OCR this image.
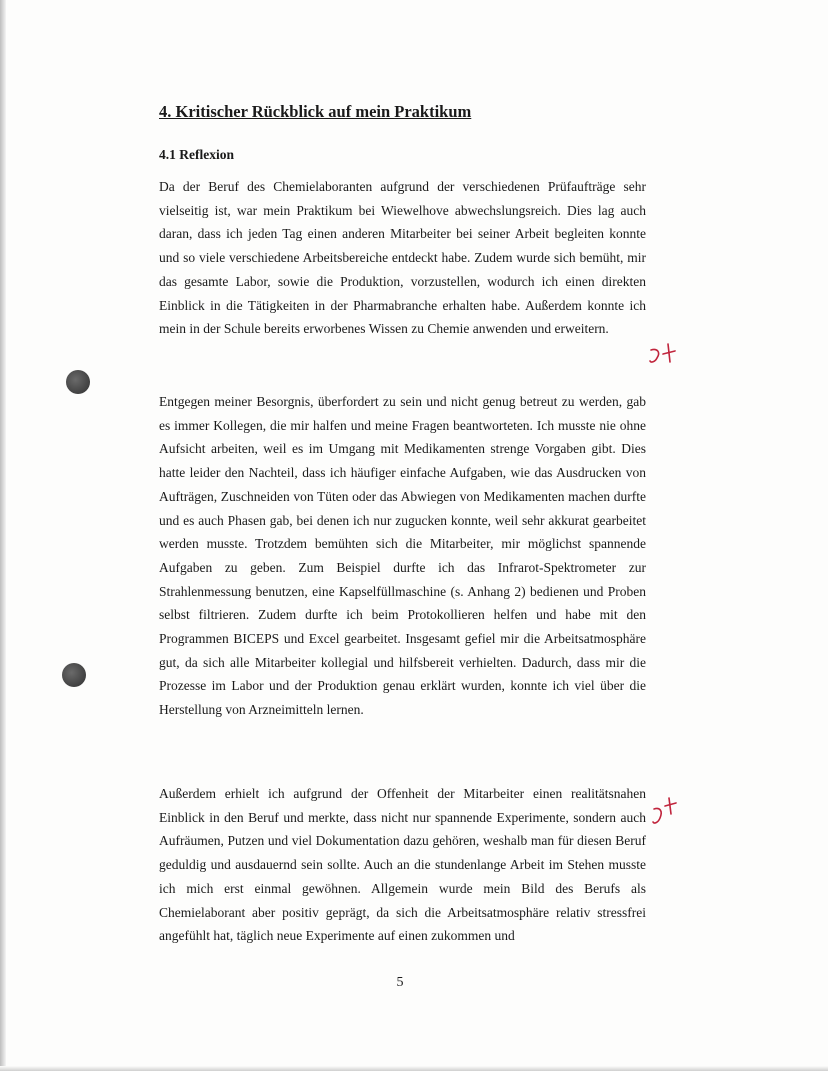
4. Kritischer Rückblick auf mein Praktikum
4.1 Reflexion

Da der Beruf des Chemielaboranten aufgrund der verschiedenen Prüfaufträge sehr vielseitig ist, war mein Praktikum bei Wiewelhove abwechslungsreich. Dies lag auch daran, dass ich jeden Tag einen anderen Mitarbeiter bei seiner Arbeit begleiten konnte und so viele verschiedene Arbeitsbereiche entdeckt habe. Zudem wurde sich bemüht, mir das gesamte Labor, sowie die Produktion, vorzustellen, wodurch ich einen direkten Einblick in die Tätigkeiten in der Pharmabranche erhalten habe. Außerdem konnte ich mein in der Schule bereits erworbenes Wissen zu Chemie anwenden und erweitern.

Entgegen meiner Besorgnis, überfordert zu sein und nicht genug betreut zu werden, gab es immer Kollegen, die mir halfen und meine Fragen beantworteten. Ich musste nie ohne Aufsicht arbeiten, weil es im Umgang mit Medikamenten strenge Vorgaben gibt. Dies hatte leider den Nachteil, dass ich häufiger einfache Aufgaben, wie das Ausdrucken von Aufträgen, Zuschneiden von Tüten oder das Abwiegen von Medikamenten machen durfte und es auch Phasen gab, bei denen ich nur zugucken konnte, weil sehr akkurat gearbeitet werden musste. Trotzdem bemühten sich die Mitarbeiter, mir möglichst spannende Aufgaben zu geben. Zum Beispiel durfte ich das Infrarot-Spektrometer zur Strahlenmessung benutzen, eine Kapselfüllmaschine (s. Anhang 2) bedienen und Proben selbst filtrieren. Zudem durfte ich beim Protokollieren helfen und habe mit den Programmen BICEPS und Excel gearbeitet. Insgesamt gefiel mir die Arbeitsatmosphäre gut, da sich alle Mitarbeiter kollegial und hilfsbereit verhielten. Dadurch, dass mir die Prozesse im Labor und der Produktion genau erklärt wurden, konnte ich viel über die Herstellung von Arzneimitteln lernen.

Außerdem erhielt ich aufgrund der Offenheit der Mitarbeiter einen realitätsnahen Einblick in den Beruf und merkte, dass nicht nur spannende Experimente, sondern auch Aufräumen, Putzen und viel Dokumentation dazu gehören, weshalb man für diesen Beruf geduldig und ausdauernd sein sollte. Auch an die stundenlange Arbeit im Stehen musste ich mich erst einmal gewöhnen. Allgemein wurde mein Bild des Berufs als Chemielaborant aber positiv geprägt, da sich die Arbeitsatmosphäre relativ stressfrei angefühlt hat, täglich neue Experimente auf einen zukommen und

5
